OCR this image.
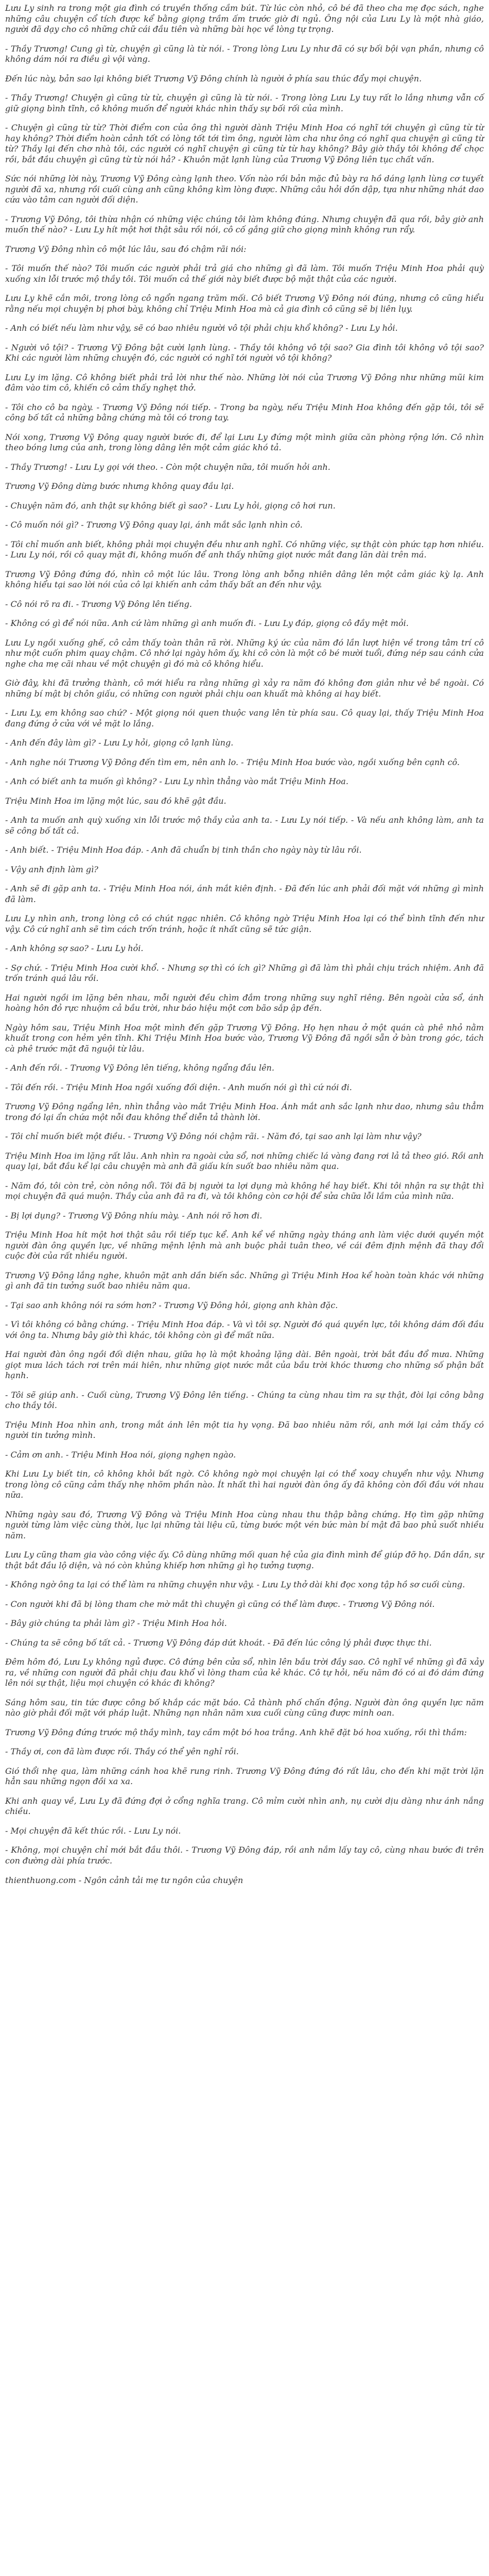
Lưu Ly sinh ra trong một gia đình có truyền thống cầm bút. Từ lúc còn nhỏ, cô bé đã theo cha mẹ đọc sách, nghe những câu chuyện cổ tích được kể bằng giọng trầm ấm trước giờ đi ngủ. Ông nội của Lưu Ly là một nhà giáo, người đã dạy cho cô những chữ cái đầu tiên và những bài học về lòng tự trọng.

- Thầy Trương! Cung gì từ, chuyện gì cũng là từ nói. - Trong lòng Lưu Ly như đã có sự bối bội vạn phần, nhưng cô không dám nói ra điều gì vội vàng.

Đến lúc này, bản sao lại không biết Trương Vỹ Đông chính là người ở phía sau thúc đẩy mọi chuyện.

- Thầy Trương! Chuyện gì cũng từ từ, chuyện gì cũng là từ nói. - Trong lòng Lưu Ly tuy rất lo lắng nhưng vẫn cố giữ giọng bình tĩnh, cô không muốn để người khác nhìn thấy sự bối rối của mình.

- Chuyện gì cũng từ từ? Thời điểm con của ông thì người dành Triệu Minh Hoa có nghĩ tới chuyện gì cũng từ từ hay không? Thời điểm hoàn cảnh tốt có lòng tốt tới tìm ông, người làm cha như ông có nghĩ qua chuyện gì cũng từ từ? Thầy lại đến chơ nhà tôi, các người có nghĩ chuyện gì cũng từ từ hay không? Bây giờ thầy tôi không để chọc rồi, bắt đầu chuyện gì cũng từ từ nói hả? - Khuôn mặt lạnh lùng của Trương Vỹ Đông liên tục chất vấn.

Sức nói những lời này, Trương Vỹ Đông càng lạnh theo. Vốn nào rồi bản mặc đủ bày ra hồ dáng lạnh lùng cơ tuyết người đã xa, nhưng rồi cuối cùng anh cũng không kìm lòng được. Những câu hỏi dồn dập, tựa như những nhát dao cứa vào tâm can người đối diện.

- Trương Vỹ Đông, tôi thừa nhận có những việc chúng tôi làm không đúng. Nhưng chuyện đã qua rồi, bây giờ anh muốn thế nào? - Lưu Ly hít một hơi thật sâu rồi nói, cô cố gắng giữ cho giọng mình không run rẩy.

Trương Vỹ Đông nhìn cô một lúc lâu, sau đó chậm rãi nói:

- Tôi muốn thế nào? Tôi muốn các người phải trả giá cho những gì đã làm. Tôi muốn Triệu Minh Hoa phải quỳ xuống xin lỗi trước mộ thầy tôi. Tôi muốn cả thế giới này biết được bộ mặt thật của các người.

Lưu Ly khẽ cắn môi, trong lòng cô ngổn ngang trăm mối. Cô biết Trương Vỹ Đông nói đúng, nhưng cô cũng hiểu rằng nếu mọi chuyện bị phơi bày, không chỉ Triệu Minh Hoa mà cả gia đình cô cũng sẽ bị liên lụy.

- Anh có biết nếu làm như vậy, sẽ có bao nhiêu người vô tội phải chịu khổ không? - Lưu Ly hỏi.

- Người vô tội? - Trương Vỹ Đông bật cười lạnh lùng. - Thầy tôi không vô tội sao? Gia đình tôi không vô tội sao? Khi các người làm những chuyện đó, các người có nghĩ tới người vô tội không?

Lưu Ly im lặng. Cô không biết phải trả lời như thế nào. Những lời nói của Trương Vỹ Đông như những mũi kim đâm vào tim cô, khiến cô cảm thấy nghẹt thở.

- Tôi cho cô ba ngày. - Trương Vỹ Đông nói tiếp. - Trong ba ngày, nếu Triệu Minh Hoa không đến gặp tôi, tôi sẽ công bố tất cả những bằng chứng mà tôi có trong tay.

Nói xong, Trương Vỹ Đông quay người bước đi, để lại Lưu Ly đứng một mình giữa căn phòng rộng lớn. Cô nhìn theo bóng lưng của anh, trong lòng dâng lên một cảm giác khó tả.

- Thầy Trương! - Lưu Ly gọi với theo. - Còn một chuyện nữa, tôi muốn hỏi anh.

Trương Vỹ Đông dừng bước nhưng không quay đầu lại.

- Chuyện năm đó, anh thật sự không biết gì sao? - Lưu Ly hỏi, giọng cô hơi run.

- Cô muốn nói gì? - Trương Vỹ Đông quay lại, ánh mắt sắc lạnh nhìn cô.

- Tôi chỉ muốn anh biết, không phải mọi chuyện đều như anh nghĩ. Có những việc, sự thật còn phức tạp hơn nhiều. - Lưu Ly nói, rồi cô quay mặt đi, không muốn để anh thấy những giọt nước mắt đang lăn dài trên má.

Trương Vỹ Đông đứng đó, nhìn cô một lúc lâu. Trong lòng anh bỗng nhiên dâng lên một cảm giác kỳ lạ. Anh không hiểu tại sao lời nói của cô lại khiến anh cảm thấy bất an đến như vậy.

- Cô nói rõ ra đi. - Trương Vỹ Đông lên tiếng.

- Không có gì để nói nữa. Anh cứ làm những gì anh muốn đi. - Lưu Ly đáp, giọng cô đầy mệt mỏi.

Lưu Ly ngồi xuống ghế, cô cảm thấy toàn thân rã rời. Những ký ức của năm đó lần lượt hiện về trong tâm trí cô như một cuốn phim quay chậm. Cô nhớ lại ngày hôm ấy, khi cô còn là một cô bé mười tuổi, đứng nép sau cánh cửa nghe cha mẹ cãi nhau về một chuyện gì đó mà cô không hiểu.

Giờ đây, khi đã trưởng thành, cô mới hiểu ra rằng những gì xảy ra năm đó không đơn giản như vẻ bề ngoài. Có những bí mật bị chôn giấu, có những con người phải chịu oan khuất mà không ai hay biết.

- Lưu Ly, em không sao chứ? - Một giọng nói quen thuộc vang lên từ phía sau. Cô quay lại, thấy Triệu Minh Hoa đang đứng ở cửa với vẻ mặt lo lắng.

- Anh đến đây làm gì? - Lưu Ly hỏi, giọng cô lạnh lùng.

- Anh nghe nói Trương Vỹ Đông đến tìm em, nên anh lo. - Triệu Minh Hoa bước vào, ngồi xuống bên cạnh cô.

- Anh có biết anh ta muốn gì không? - Lưu Ly nhìn thẳng vào mắt Triệu Minh Hoa.

Triệu Minh Hoa im lặng một lúc, sau đó khẽ gật đầu.

- Anh ta muốn anh quỳ xuống xin lỗi trước mộ thầy của anh ta. - Lưu Ly nói tiếp. - Và nếu anh không làm, anh ta sẽ công bố tất cả.

- Anh biết. - Triệu Minh Hoa đáp. - Anh đã chuẩn bị tinh thần cho ngày này từ lâu rồi.

- Vậy anh định làm gì?

- Anh sẽ đi gặp anh ta. - Triệu Minh Hoa nói, ánh mắt kiên định. - Đã đến lúc anh phải đối mặt với những gì mình đã làm.

Lưu Ly nhìn anh, trong lòng cô có chút ngạc nhiên. Cô không ngờ Triệu Minh Hoa lại có thể bình tĩnh đến như vậy. Cô cứ nghĩ anh sẽ tìm cách trốn tránh, hoặc ít nhất cũng sẽ tức giận.

- Anh không sợ sao? - Lưu Ly hỏi.

- Sợ chứ. - Triệu Minh Hoa cười khổ. - Nhưng sợ thì có ích gì? Những gì đã làm thì phải chịu trách nhiệm. Anh đã trốn tránh quá lâu rồi.

Hai người ngồi im lặng bên nhau, mỗi người đều chìm đắm trong những suy nghĩ riêng. Bên ngoài cửa sổ, ánh hoàng hôn đỏ rực nhuộm cả bầu trời, như báo hiệu một cơn bão sắp ập đến.

Ngày hôm sau, Triệu Minh Hoa một mình đến gặp Trương Vỹ Đông. Họ hẹn nhau ở một quán cà phê nhỏ nằm khuất trong con hẻm yên tĩnh. Khi Triệu Minh Hoa bước vào, Trương Vỹ Đông đã ngồi sẵn ở bàn trong góc, tách cà phê trước mặt đã nguội từ lâu.

- Anh đến rồi. - Trương Vỹ Đông lên tiếng, không ngẩng đầu lên.

- Tôi đến rồi. - Triệu Minh Hoa ngồi xuống đối diện. - Anh muốn nói gì thì cứ nói đi.

Trương Vỹ Đông ngẩng lên, nhìn thẳng vào mắt Triệu Minh Hoa. Ánh mắt anh sắc lạnh như dao, nhưng sâu thẳm trong đó lại ẩn chứa một nỗi đau không thể diễn tả thành lời.

- Tôi chỉ muốn biết một điều. - Trương Vỹ Đông nói chậm rãi. - Năm đó, tại sao anh lại làm như vậy?

Triệu Minh Hoa im lặng rất lâu. Anh nhìn ra ngoài cửa sổ, nơi những chiếc lá vàng đang rơi lả tả theo gió. Rồi anh quay lại, bắt đầu kể lại câu chuyện mà anh đã giấu kín suốt bao nhiêu năm qua.

- Năm đó, tôi còn trẻ, còn nông nổi. Tôi đã bị người ta lợi dụng mà không hề hay biết. Khi tôi nhận ra sự thật thì mọi chuyện đã quá muộn. Thầy của anh đã ra đi, và tôi không còn cơ hội để sửa chữa lỗi lầm của mình nữa.

- Bị lợi dụng? - Trương Vỹ Đông nhíu mày. - Anh nói rõ hơn đi.

Triệu Minh Hoa hít một hơi thật sâu rồi tiếp tục kể. Anh kể về những ngày tháng anh làm việc dưới quyền một người đàn ông quyền lực, về những mệnh lệnh mà anh buộc phải tuân theo, về cái đêm định mệnh đã thay đổi cuộc đời của rất nhiều người.

Trương Vỹ Đông lắng nghe, khuôn mặt anh dần biến sắc. Những gì Triệu Minh Hoa kể hoàn toàn khác với những gì anh đã tin tưởng suốt bao nhiêu năm qua.

- Tại sao anh không nói ra sớm hơn? - Trương Vỹ Đông hỏi, giọng anh khàn đặc.

- Vì tôi không có bằng chứng. - Triệu Minh Hoa đáp. - Và vì tôi sợ. Người đó quá quyền lực, tôi không dám đối đầu với ông ta. Nhưng bây giờ thì khác, tôi không còn gì để mất nữa.

Hai người đàn ông ngồi đối diện nhau, giữa họ là một khoảng lặng dài. Bên ngoài, trời bắt đầu đổ mưa. Những giọt mưa lách tách rơi trên mái hiên, như những giọt nước mắt của bầu trời khóc thương cho những số phận bất hạnh.

- Tôi sẽ giúp anh. - Cuối cùng, Trương Vỹ Đông lên tiếng. - Chúng ta cùng nhau tìm ra sự thật, đòi lại công bằng cho thầy tôi.

Triệu Minh Hoa nhìn anh, trong mắt ánh lên một tia hy vọng. Đã bao nhiêu năm rồi, anh mới lại cảm thấy có người tin tưởng mình.

- Cảm ơn anh. - Triệu Minh Hoa nói, giọng nghẹn ngào.

Khi Lưu Ly biết tin, cô không khỏi bất ngờ. Cô không ngờ mọi chuyện lại có thể xoay chuyển như vậy. Nhưng trong lòng cô cũng cảm thấy nhẹ nhõm phần nào. Ít nhất thì hai người đàn ông ấy đã không còn đối đầu với nhau nữa.

Những ngày sau đó, Trương Vỹ Đông và Triệu Minh Hoa cùng nhau thu thập bằng chứng. Họ tìm gặp những người từng làm việc cùng thời, lục lại những tài liệu cũ, từng bước một vén bức màn bí mật đã bao phủ suốt nhiều năm.

Lưu Ly cũng tham gia vào công việc ấy. Cô dùng những mối quan hệ của gia đình mình để giúp đỡ họ. Dần dần, sự thật bắt đầu lộ diện, và nó còn khủng khiếp hơn những gì họ tưởng tượng.

- Không ngờ ông ta lại có thể làm ra những chuyện như vậy. - Lưu Ly thở dài khi đọc xong tập hồ sơ cuối cùng.

- Con người khi đã bị lòng tham che mờ mắt thì chuyện gì cũng có thể làm được. - Trương Vỹ Đông nói.

- Bây giờ chúng ta phải làm gì? - Triệu Minh Hoa hỏi.

- Chúng ta sẽ công bố tất cả. - Trương Vỹ Đông đáp dứt khoát. - Đã đến lúc công lý phải được thực thi.

Đêm hôm đó, Lưu Ly không ngủ được. Cô đứng bên cửa sổ, nhìn lên bầu trời đầy sao. Cô nghĩ về những gì đã xảy ra, về những con người đã phải chịu đau khổ vì lòng tham của kẻ khác. Cô tự hỏi, nếu năm đó có ai đó dám đứng lên nói sự thật, liệu mọi chuyện có khác đi không?

Sáng hôm sau, tin tức được công bố khắp các mặt báo. Cả thành phố chấn động. Người đàn ông quyền lực năm nào giờ phải đối mặt với pháp luật. Những nạn nhân năm xưa cuối cùng cũng được minh oan.

Trương Vỹ Đông đứng trước mộ thầy mình, tay cầm một bó hoa trắng. Anh khẽ đặt bó hoa xuống, rồi thì thầm:

- Thầy ơi, con đã làm được rồi. Thầy có thể yên nghỉ rồi.

Gió thổi nhẹ qua, làm những cánh hoa khẽ rung rinh. Trương Vỹ Đông đứng đó rất lâu, cho đến khi mặt trời lặn hẳn sau những ngọn đồi xa xa.

Khi anh quay về, Lưu Ly đã đứng đợi ở cổng nghĩa trang. Cô mỉm cười nhìn anh, nụ cười dịu dàng như ánh nắng chiều.

- Mọi chuyện đã kết thúc rồi. - Lưu Ly nói.

- Không, mọi chuyện chỉ mới bắt đầu thôi. - Trương Vỹ Đông đáp, rồi anh nắm lấy tay cô, cùng nhau bước đi trên con đường dài phía trước.

thienthuong.com - Ngôn cảnh tải mẹ tư ngôn của chuyện
